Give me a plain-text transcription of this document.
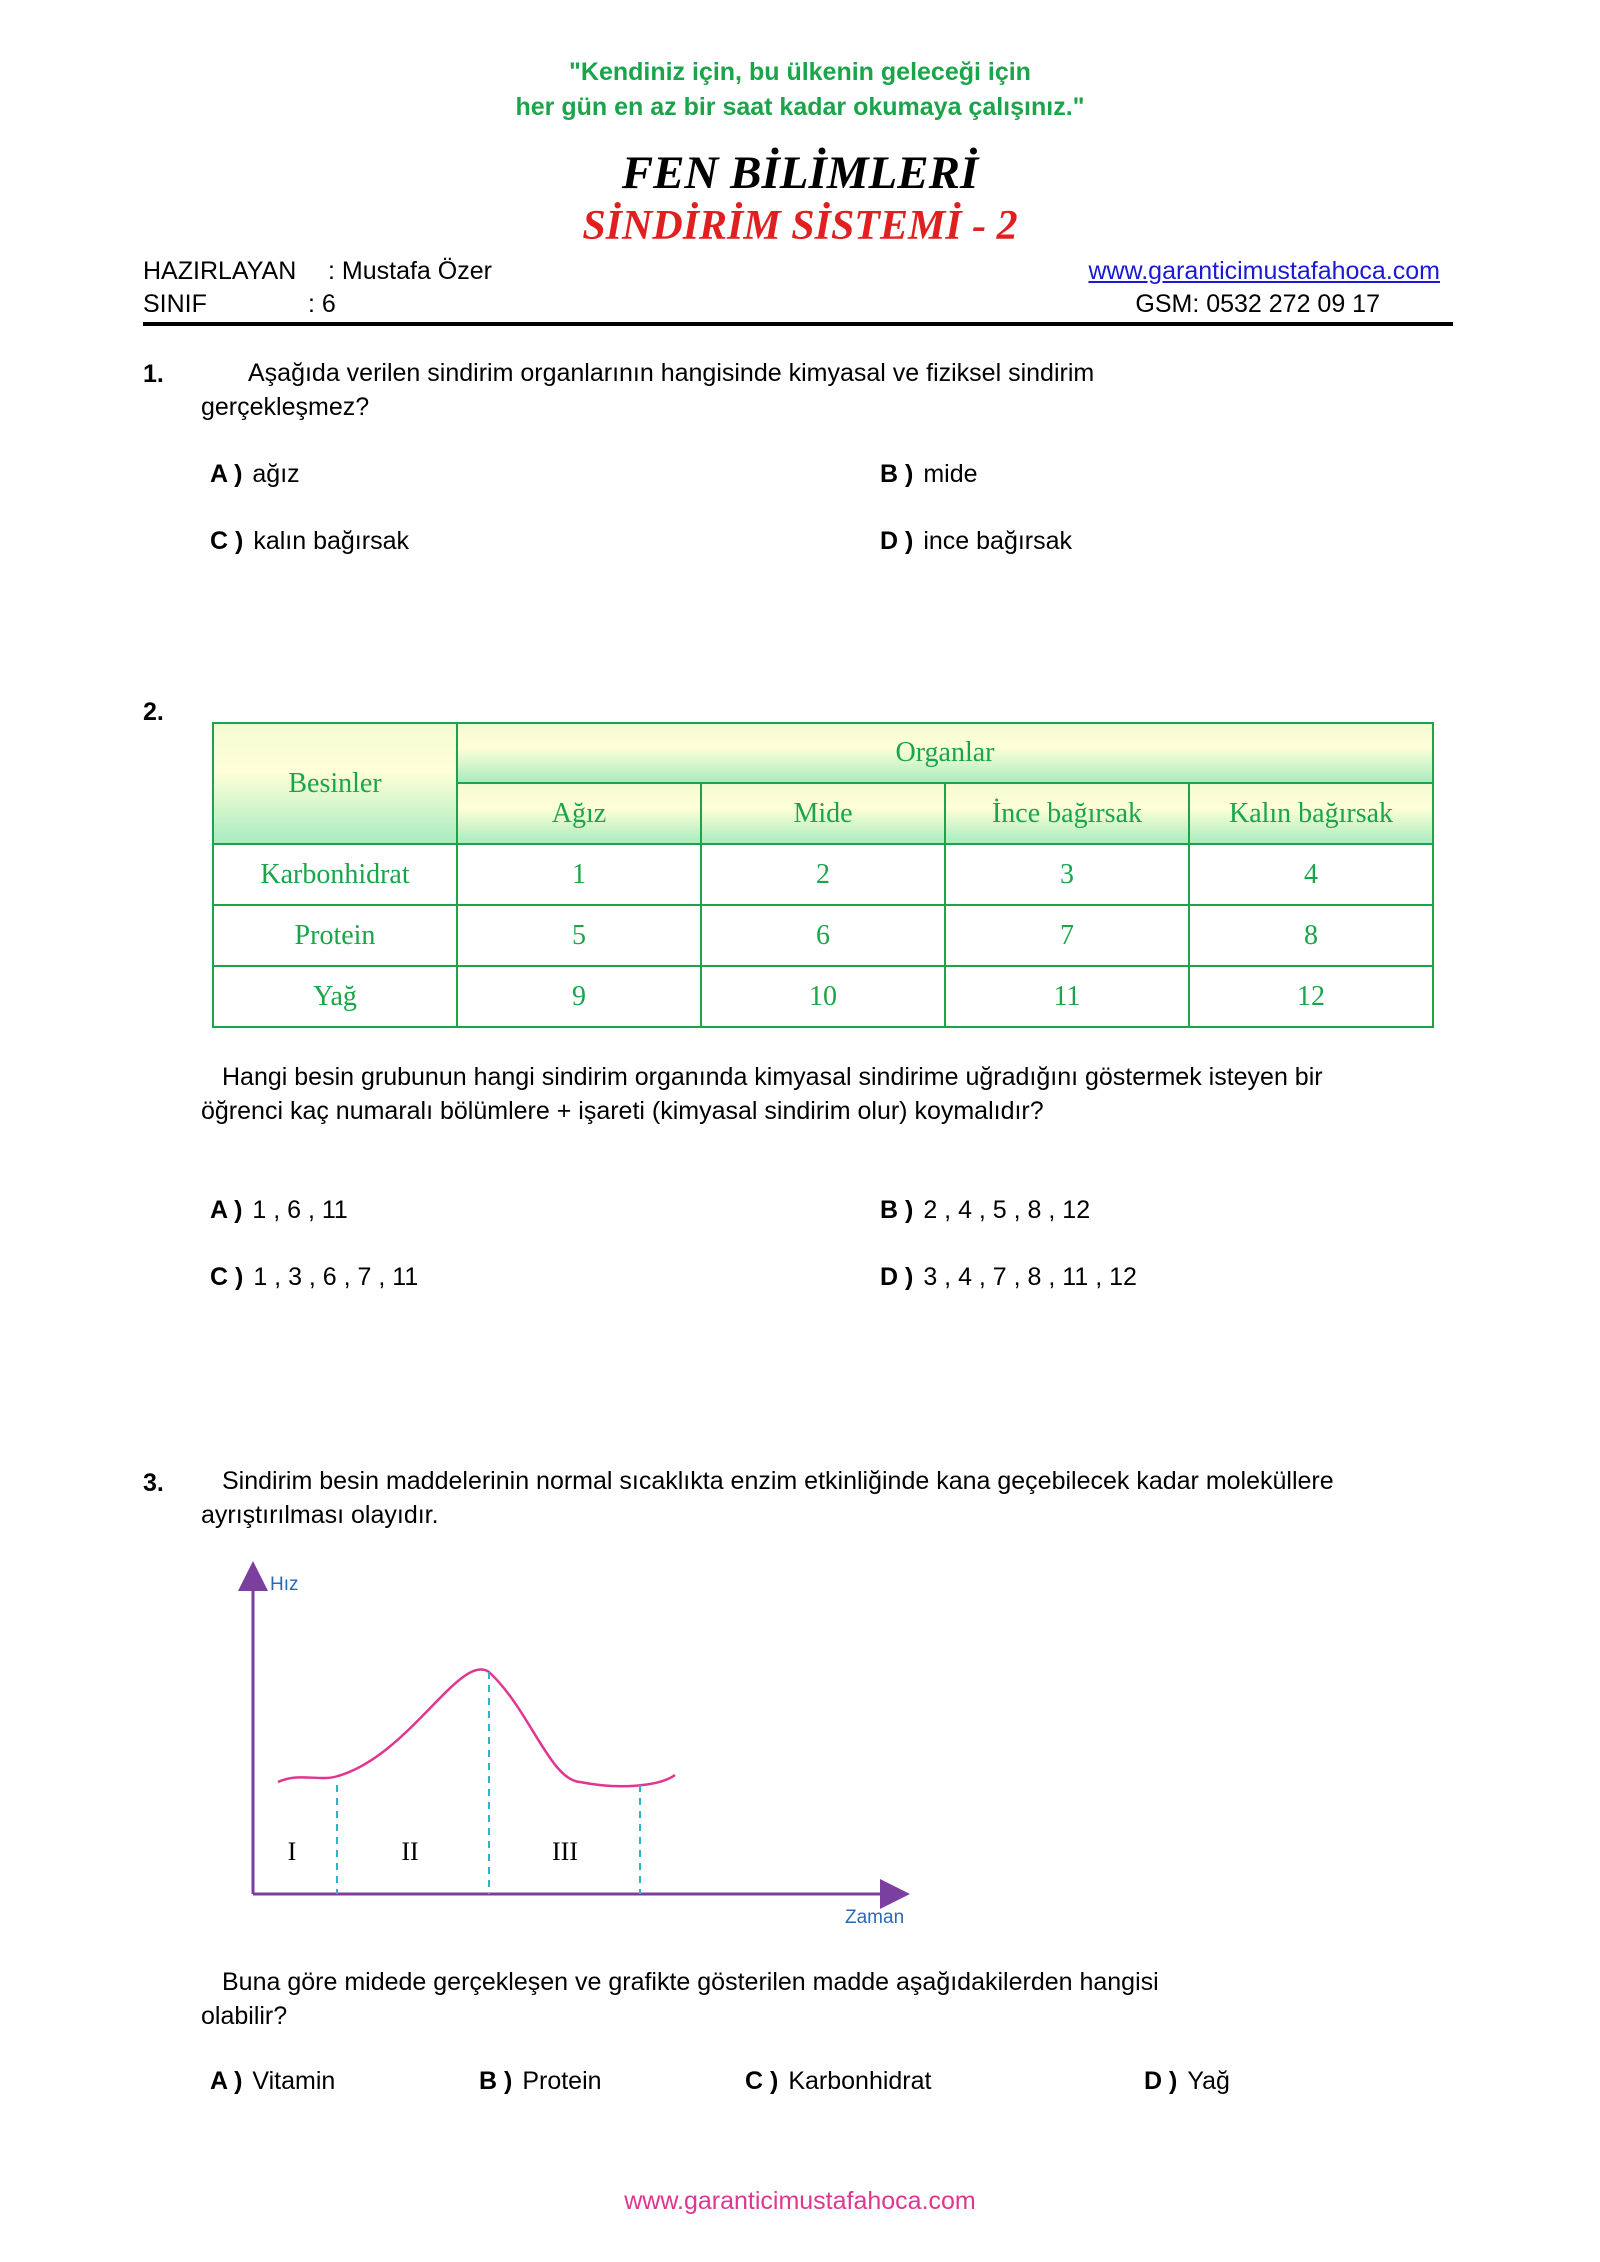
"Kendiniz için, bu ülkenin geleceği için
her gün en az bir saat kadar okumaya çalışınız."
FEN BİLİMLERİ
SİNDİRİM SİSTEMİ - 2
HAZIRLAYAN : Mustafa Özer
SINIF	: 6
www.garanticimustafahoca.com
GSM: 0532 272 09 17
1.	Aşağıda verilen sindirim organlarının hangisinde kimyasal ve fiziksel sindirim
gerçekleşmez?
A ) ağız	B ) mide
C ) kalın bağırsak	D ) ince bağırsak
2.
Besinler	Organlar			
	Ağız	Mide	İnce bağırsak	Kalın bağırsak
Karbonhidrat	1	2	3	4
Protein	5	6	7	8
Yağ	9	10	11	12
Hangi besin grubunun hangi sindirim organında kimyasal sindirime uğradığını göstermek isteyen bir
öğrenci kaç numaralı bölümlere + işareti (kimyasal sindirim olur) koymalıdır?
A ) 1 , 6 , 11	B ) 2 , 4 , 5 , 8 , 12
C ) 1 , 3 , 6 , 7 , 11	D ) 3 , 4 , 7 , 8 , 11 , 12
3. Sindirim besin maddelerinin normal sıcaklıkta enzim etkinliğinde kana geçebilecek kadar moleküllere
ayrıştırılması olayıdır.
Hız
Zaman
I	II	III
Buna göre midede gerçekleşen ve grafikte gösterilen madde aşağıdakilerden hangisi
olabilir?
A ) Vitamin	B ) Protein	C ) Karbonhidrat	D ) Yağ
www.garanticimustafahoca.com
